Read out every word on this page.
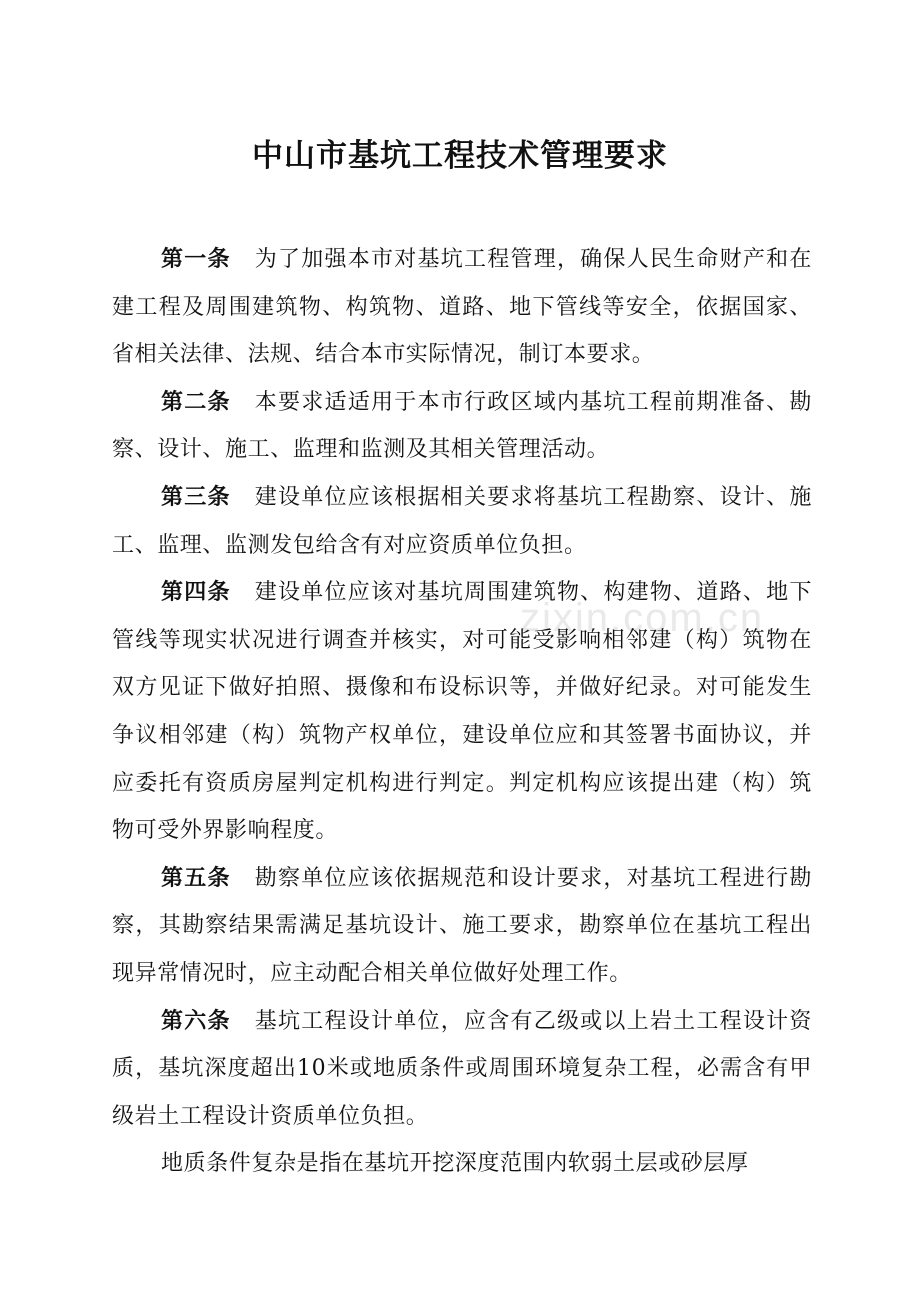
中山市基坑工程技术管理要求
zixin.com.cn

第一条 为了加强本市对基坑工程管理，确保人民生命财产和在建工程及周围建筑物、构筑物、道路、地下管线等安全，依据国家、省相关法律、法规、结合本市实际情况，制订本要求。

第二条 本要求适适用于本市行政区域内基坑工程前期准备、勘察、设计、施工、监理和监测及其相关管理活动。

第三条 建设单位应该根据相关要求将基坑工程勘察、设计、施工、监理、监测发包给含有对应资质单位负担。

第四条 建设单位应该对基坑周围建筑物、构建物、道路、地下管线等现实状况进行调查并核实，对可能受影响相邻建（构）筑物在双方见证下做好拍照、摄像和布设标识等，并做好纪录。对可能发生争议相邻建（构）筑物产权单位，建设单位应和其签署书面协议，并应委托有资质房屋判定机构进行判定。判定机构应该提出建（构）筑物可受外界影响程度。

第五条 勘察单位应该依据规范和设计要求，对基坑工程进行勘察，其勘察结果需满足基坑设计、施工要求，勘察单位在基坑工程出现异常情况时，应主动配合相关单位做好处理工作。

第六条 基坑工程设计单位，应含有乙级或以上岩土工程设计资质，基坑深度超出10米或地质条件或周围环境复杂工程，必需含有甲级岩土工程设计资质单位负担。

地质条件复杂是指在基坑开挖深度范围内软弱土层或砂层厚
